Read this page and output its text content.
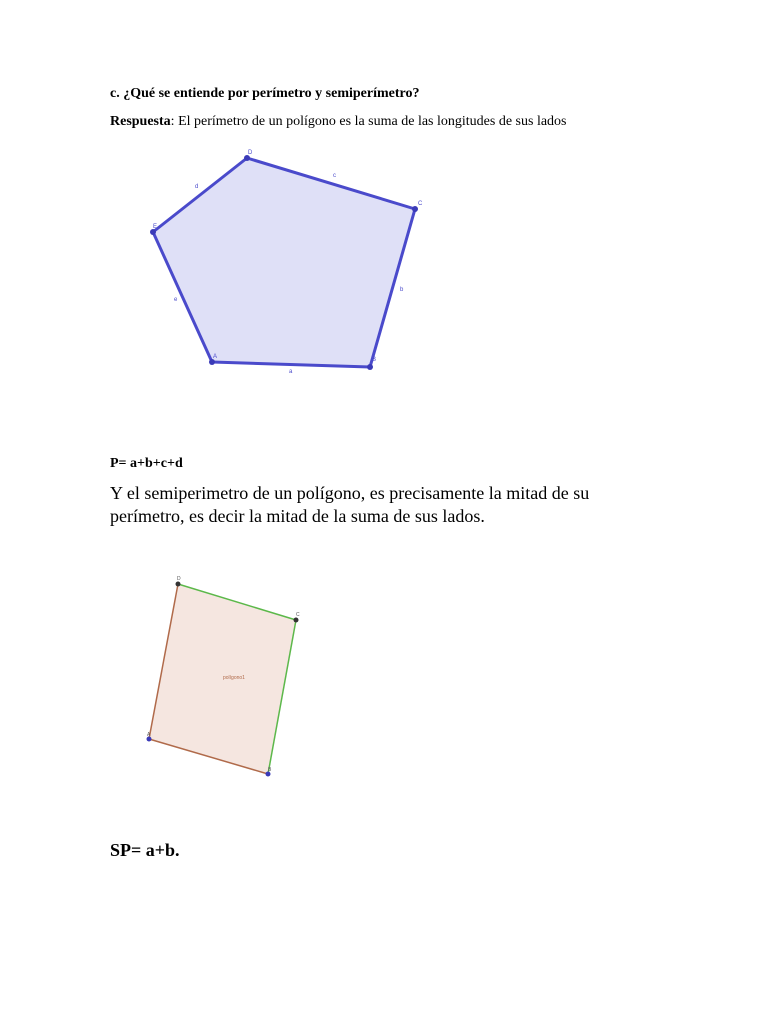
c. ¿Qué se entiende por perímetro y semiperímetro?
Respuesta: El perímetro de un polígono es la suma de las longitudes de sus lados
A	B
C
D
E
a
b
c
d
e
P= a+b+c+d
Y el semiperimetro de un polígono, es precisamente la mitad de su perímetro, es decir la mitad de la suma de sus lados.
D
C
B
A
polígono1
SP= a+b.
